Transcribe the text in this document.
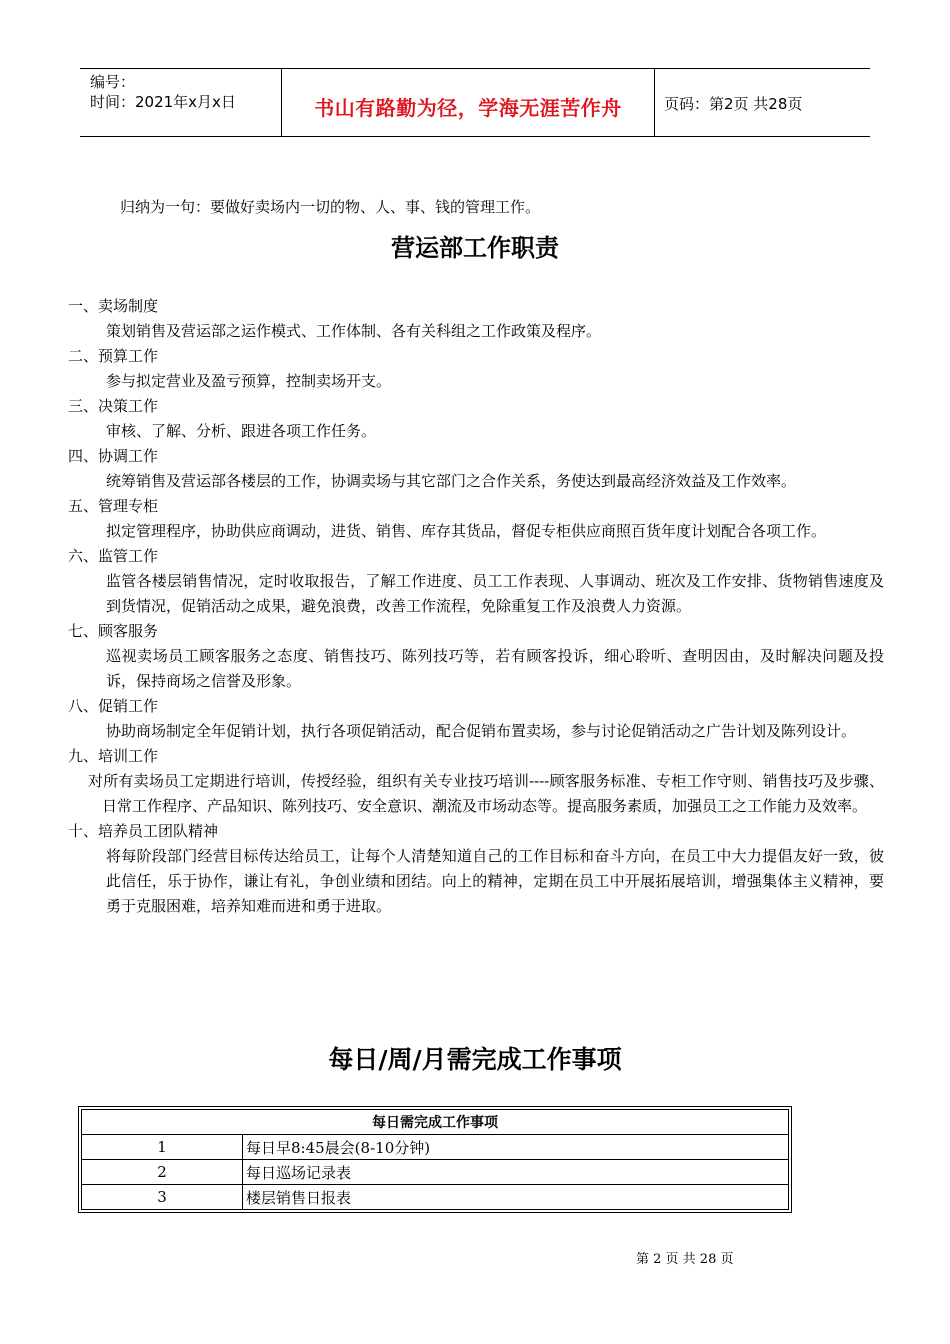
编号：
时间：2021年x月x日	书山有路勤为径，学海无涯苦作舟	页码：第2页 共28页
归纳为一句：要做好卖场内一切的物、人、事、钱的管理工作。
营运部工作职责

一、卖场制度

策划销售及营运部之运作模式、工作体制、各有关科组之工作政策及程序。

二、预算工作

参与拟定营业及盈亏预算，控制卖场开支。

三、决策工作

审核、了解、分析、跟进各项工作任务。

四、协调工作

统筹销售及营运部各楼层的工作，协调卖场与其它部门之合作关系，务使达到最高经济效益及工作效率。

五、管理专柜

拟定管理程序，协助供应商调动，进货、销售、库存其货品，督促专柜供应商照百货年度计划配合各项工作。

六、监管工作

监管各楼层销售情况，定时收取报告，了解工作进度、员工工作表现、人事调动、班次及工作安排、货物销售速度及到货情况，促销活动之成果，避免浪费，改善工作流程，免除重复工作及浪费人力资源。

七、顾客服务

巡视卖场员工顾客服务之态度、销售技巧、陈列技巧等，若有顾客投诉，细心聆听、查明因由，及时解决问题及投诉，保持商场之信誉及形象。

八、促销工作

协助商场制定全年促销计划，执行各项促销活动，配合促销布置卖场，参与讨论促销活动之广告计划及陈列设计。

九、培训工作

对所有卖场员工定期进行培训，传授经验，组织有关专业技巧培训----顾客服务标准、专柜工作守则、销售技巧及步骤、日常工作程序、产品知识、陈列技巧、安全意识、潮流及市场动态等。提高服务素质，加强员工之工作能力及效率。

十、培养员工团队精神

将每阶段部门经营目标传达给员工，让每个人清楚知道自己的工作目标和奋斗方向，在员工中大力提倡友好一致，彼此信任，乐于协作，谦让有礼，争创业绩和团结。向上的精神，定期在员工中开展拓展培训，增强集体主义精神，要勇于克服困难，培养知难而进和勇于进取。

每日/周/月需完成工作事项
每日需完成工作事项	
1	每日早8:45晨会(8-10分钟)
2	每日巡场记录表
3	楼层销售日报表
第 2 页 共 28 页
